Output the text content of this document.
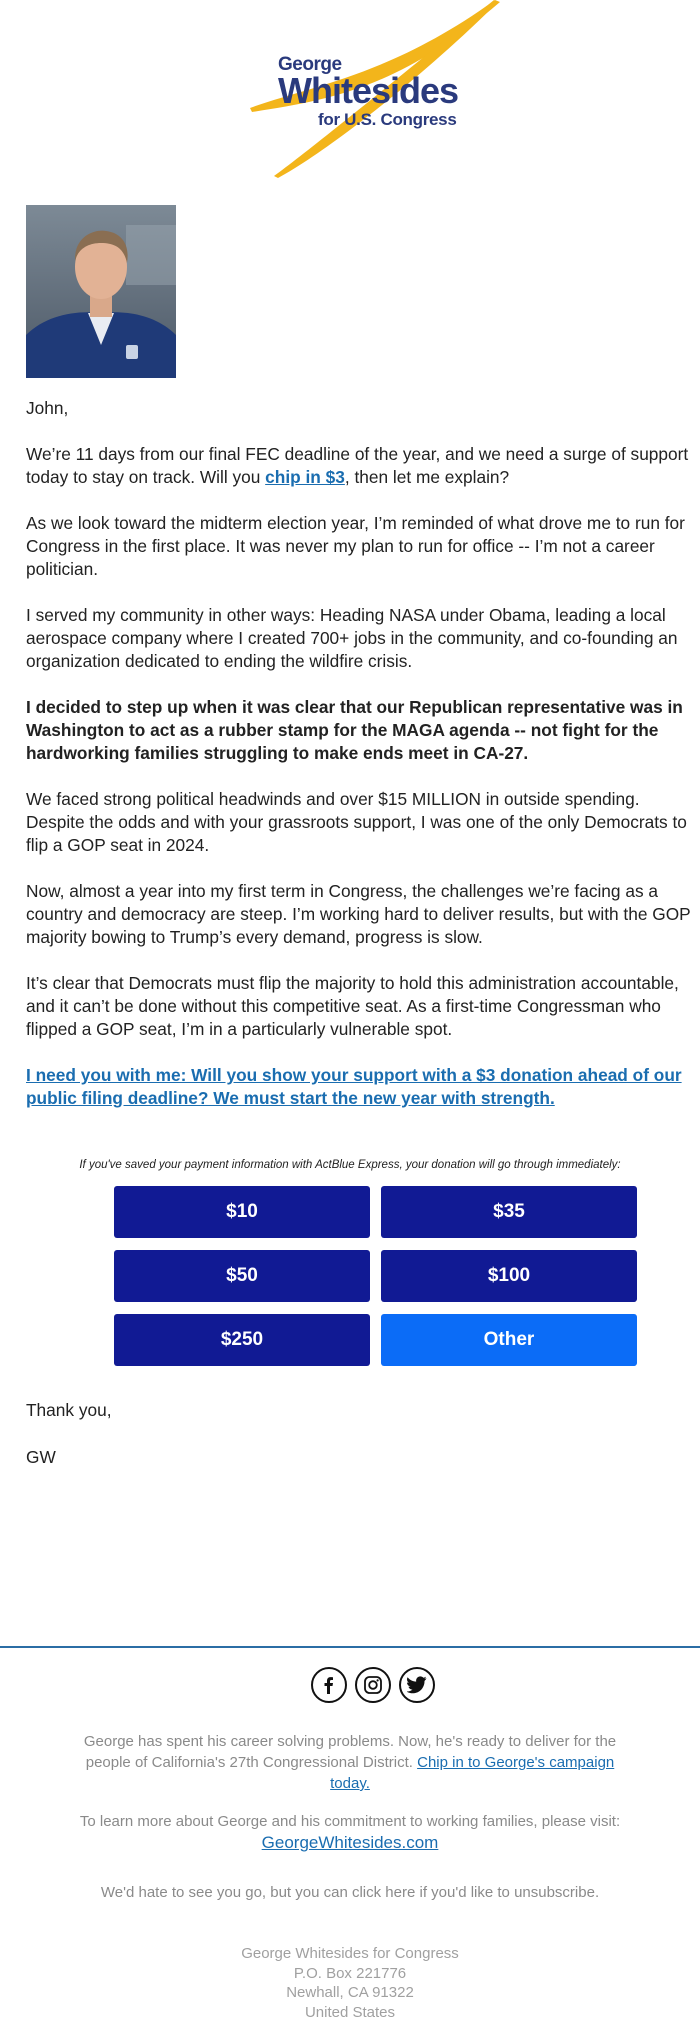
George
Whitesides
for U.S. Congress

John,

We’re 11 days from our final FEC deadline of the year, and we need a surge of support
today to stay on track. Will you chip in $3, then let me explain?

As we look toward the midterm election year, I’m reminded of what drove me to run for
Congress in the first place. It was never my plan to run for office -- I’m not a career
politician.

I served my community in other ways: Heading NASA under Obama, leading a local
aerospace company where I created 700+ jobs in the community, and co-founding an
organization dedicated to ending the wildfire crisis.

I decided to step up when it was clear that our Republican representative was in
Washington to act as a rubber stamp for the MAGA agenda -- not fight for the
hardworking families struggling to make ends meet in CA-27.

We faced strong political headwinds and over $15 MILLION in outside spending.
Despite the odds and with your grassroots support, I was one of the only Democrats to
flip a GOP seat in 2024.

Now, almost a year into my first term in Congress, the challenges we’re facing as a
country and democracy are steep. I’m working hard to deliver results, but with the GOP
majority bowing to Trump’s every demand, progress is slow.

It’s clear that Democrats must flip the majority to hold this administration accountable,
and it can’t be done without this competitive seat. As a first-time Congressman who
flipped a GOP seat, I’m in a particularly vulnerable spot.

I need you with me: Will you show your support with a $3 donation ahead of our
public filing deadline? We must start the new year with strength.

If you've saved your payment information with ActBlue Express, your donation will go through immediately:
$10	$35
$50	$100
$250	Other
Thank you,
GW
George has spent his career solving problems. Now, he's ready to deliver for the
people of California's 27th Congressional District. Chip in to George's campaign
today.
To learn more about George and his commitment to working families, please visit:
GeorgeWhitesides.com
We'd hate to see you go, but you can click here if you'd like to unsubscribe.
George Whitesides for Congress
P.O. Box 221776
Newhall, CA 91322
United States
